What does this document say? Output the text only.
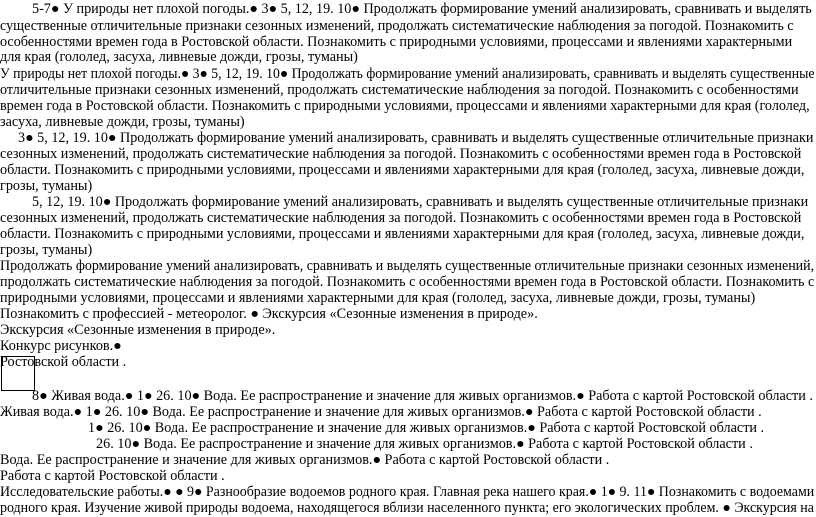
5-7● У природы нет плохой погоды.● 3● 5, 12, 19. 10● Продолжать формирование умений анализировать, сравнивать и выделять
существенные отличительные признаки сезонных изменений, продолжать систематические наблюдения за погодой. Познакомить с
особенностями времен года в Ростовской области. Познакомить с природными условиями, процессами и явлениями характерными
для края (гололед, засуха, ливневые дожди, грозы, туманы)
У природы нет плохой погоды.● 3● 5, 12, 19. 10● Продолжать формирование умений анализировать, сравнивать и выделять существенные
отличительные признаки сезонных изменений, продолжать систематические наблюдения за погодой. Познакомить с особенностями
времен года в Ростовской области. Познакомить с природными условиями, процессами и явлениями характерными для края (гололед,
засуха, ливневые дожди, грозы, туманы)
3● 5, 12, 19. 10● Продолжать формирование умений анализировать, сравнивать и выделять существенные отличительные признаки
сезонных изменений, продолжать систематические наблюдения за погодой. Познакомить с особенностями времен года в Ростовской
области. Познакомить с природными условиями, процессами и явлениями характерными для края (гололед, засуха, ливневые дожди,
грозы, туманы)
5, 12, 19. 10● Продолжать формирование умений анализировать, сравнивать и выделять существенные отличительные признаки
сезонных изменений, продолжать систематические наблюдения за погодой. Познакомить с особенностями времен года в Ростовской
области. Познакомить с природными условиями, процессами и явлениями характерными для края (гололед, засуха, ливневые дожди,
грозы, туманы)
Продолжать формирование умений анализировать, сравнивать и выделять существенные отличительные признаки сезонных изменений,
продолжать систематические наблюдения за погодой. Познакомить с особенностями времен года в Ростовской области. Познакомить с
природными условиями, процессами и явлениями характерными для края (гололед, засуха, ливневые дожди, грозы, туманы)
Познакомить с профессией - метеоролог. ● Экскурсия «Сезонные изменения в природе».
Экскурсия «Сезонные изменения в природе».
Конкурс рисунков.●
Ростовской области .
8● Живая вода.● 1● 26. 10● Вода. Ее распространение и значение для живых организмов.● Работа с картой Ростовской области .
Живая вода.● 1● 26. 10● Вода. Ее распространение и значение для живых организмов.● Работа с картой Ростовской области .
1● 26. 10● Вода. Ее распространение и значение для живых организмов.● Работа с картой Ростовской области .
26. 10● Вода. Ее распространение и значение для живых организмов.● Работа с картой Ростовской области .
Вода. Ее распространение и значение для живых организмов.● Работа с картой Ростовской области .
Работа с картой Ростовской области .
Исследовательские работы.● ● 9● Разнообразие водоемов родного края. Главная река нашего края.● 1● 9. 11● Познакомить с водоемами
родного края. Изучение живой природы водоема, находящегося вблизи населенного пункта; его экологических проблем. ● Экскурсия на
